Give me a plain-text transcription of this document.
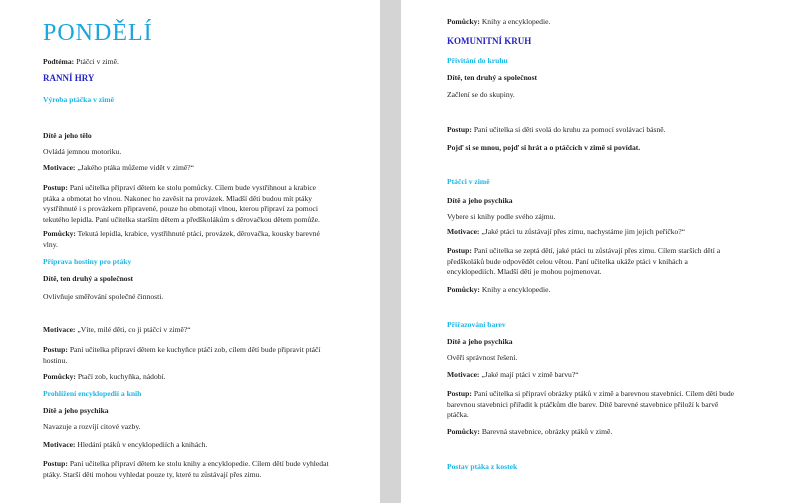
PONDĚLÍ

Podtéma: Ptáčci v zimě.

RANNÍ HRY

Výroba ptáčka v zimě

Dítě a jeho tělo

Ovládá jemnou motoriku.

Motivace: „Jakého ptáka můžeme vidět v zimě?“

Postup: Paní učitelka připraví dětem ke stolu pomůcky. Cílem bude vystřihnout a krabice
ptáka a obmotat ho vlnou. Nakonec ho zavěsit na provázek. Mladší děti budou mít ptáky
vystřihnuté i s provázkem připravené, pouze ho obmotají vlnou, kterou připraví za pomoci
tekutého lepidla. Paní učitelka starším dětem a předškolákům s děrovačkou dětem pomůže.
Pomůcky: Tekutá lepidla, krabice, vystřihnuté ptáci, provázek, děrovačka, kousky barevné
vlny.

Příprava hostiny pro ptáky

Dítě, ten druhý a společnost

Ovlivňuje směřování společné činnosti.

Motivace: „Víte, milé děti, co ji ptáčci v zimě?“

Postup: Paní učitelka připraví dětem ke kuchyňce ptáčí zob, cílem dětí bude připravit ptáčí
hostinu.

Pomůcky: Ptačí zob, kuchyňka, nádobí.

Prohlížení encyklopedií a knih

Dítě a jeho psychika

Navazuje a rozvíjí citové vazby.

Motivace: Hledání ptáků v encyklopediích a knihách.

Postup: Paní učitelka připraví dětem ke stolu knihy a encyklopedie. Cílem dětí bude vyhledat
ptáky. Starší děti mohou vyhledat pouze ty, které tu zůstávají přes zimu.

Pomůcky: Knihy a encyklopedie.

KOMUNITNÍ KRUH

Přivítání do kruhu

Dítě, ten druhý a společnost

Začlení se do skupiny.

Postup: Paní učitelka si děti svolá do kruhu za pomocí svolávací básně.

Pojď si se mnou, pojď si hrát a o ptáčcích v zimě si povídat.

Ptáčci v zimě

Dítě a jeho psychika

Vybere si knihy podle svého zájmu.

Motivace: „Jaké ptáci tu zůstávají přes zimu, nachystáme jim jejich peříčko?“

Postup: Paní učitelka se zeptá dětí, jaké ptáci tu zůstávají přes zimu. Cílem starších dětí a
předškoláků bude odpovědět celou větou. Paní učitelka ukáže ptáci v knihách a
encyklopediích. Mladší děti je mohou pojmenovat.

Pomůcky: Knihy a encyklopedie.

Přiřazování barev

Dítě a jeho psychika

Ověří správnost řešení.

Motivace: „Jaké mají ptáci v zimě barvu?“

Postup: Paní učitelka si připraví obrázky ptáků v zimě a barevnou stavebnici. Cílem dětí bude
barevnou stavebnici přiřadit k ptáčkům dle barev. Dítě barevné stavebnice přiloží k barvě
ptáčka.

Pomůcky: Barevná stavebnice, obrázky ptáků v zimě.

Postav ptáka z kostek
